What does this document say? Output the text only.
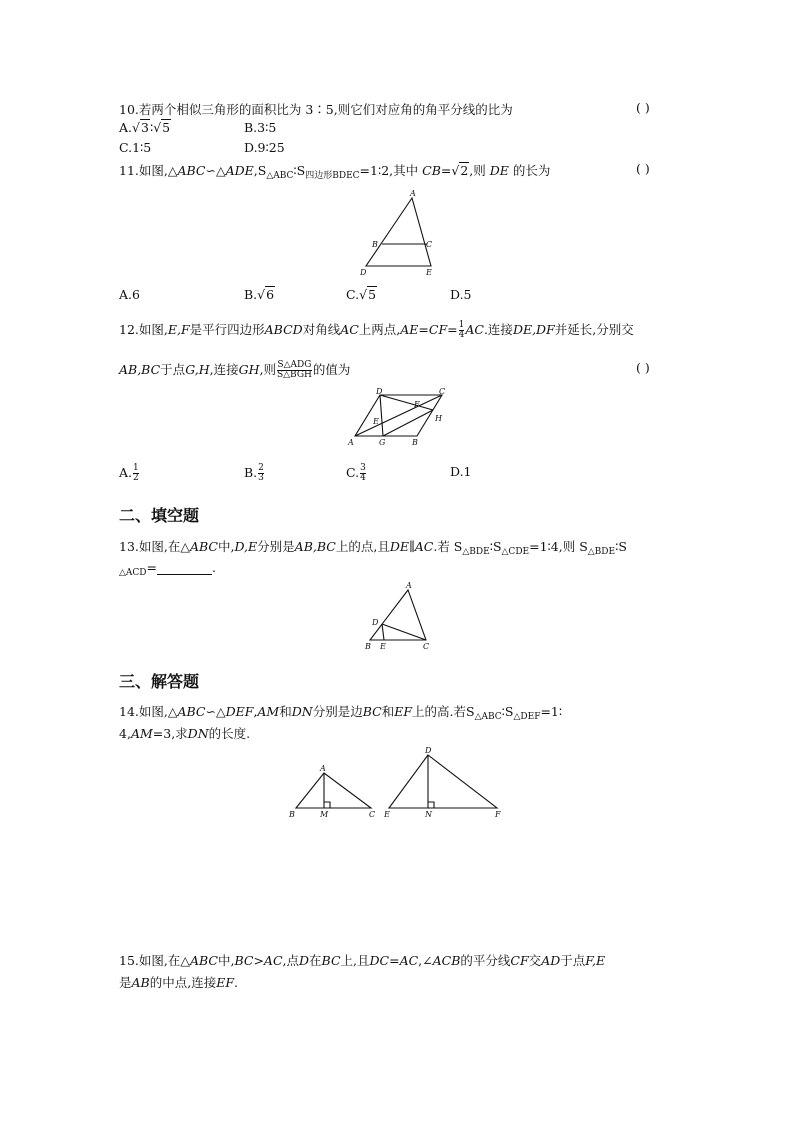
10.若两个相似三角形的面积比为 3∶5,则它们对应角的角平分线的比为	( )
A.√3∶√5	B.3∶5
C.1∶5	D.9∶25
11.如图$,\triangle ABC∽\triangle ADE,S_{\triangle ABC}∶S_{四边形BDEC}=1∶2$,其中 CB=√2,则 DE 的长为	( )
A
B	C
D	E
A.6	B.√6	C.√5	D.5
12.如图,E,F是平行四边形ABCD对角线AC上两点$,AE=CF= \frac{1}{4}$ AC.连接DE,DF并延长,分别交
AB,BC于点G,H,连接GH,则 $\frac{\text{S△ADG}}{\text{S△BGH}}$ 的值为	( )
D	C
F
H
E
A	G	B
A. $\frac{1}{2}$	B. $\frac{2}{3}$	C. $\frac{3}{4}$	D.1
二、填空题
13.如图,在△ABC中,D,E分别是AB,BC上的点,且DE∥AC.若 $S_{\triangle BDE}∶S_{\triangle CDE}=1∶4$,则 $S_{\triangle BDE}∶S$
$_{\triangle ACD}$=	.
A
D
B E	C
三、解答题
14.如图,△ABC∽△DEF,AM和DN分别是边BC和EF上的高.若$S_{\triangle ABC}∶S_{\triangle DEF}=1∶$
4,AM=3,求DN的长度.
A
B	M	C
D
E	N	F
15.如图,在△ABC中,BC>AC,点D在BC上,且DC=AC,∠ACB的平分线CF交AD于点F,E
是AB的中点,连接EF.
